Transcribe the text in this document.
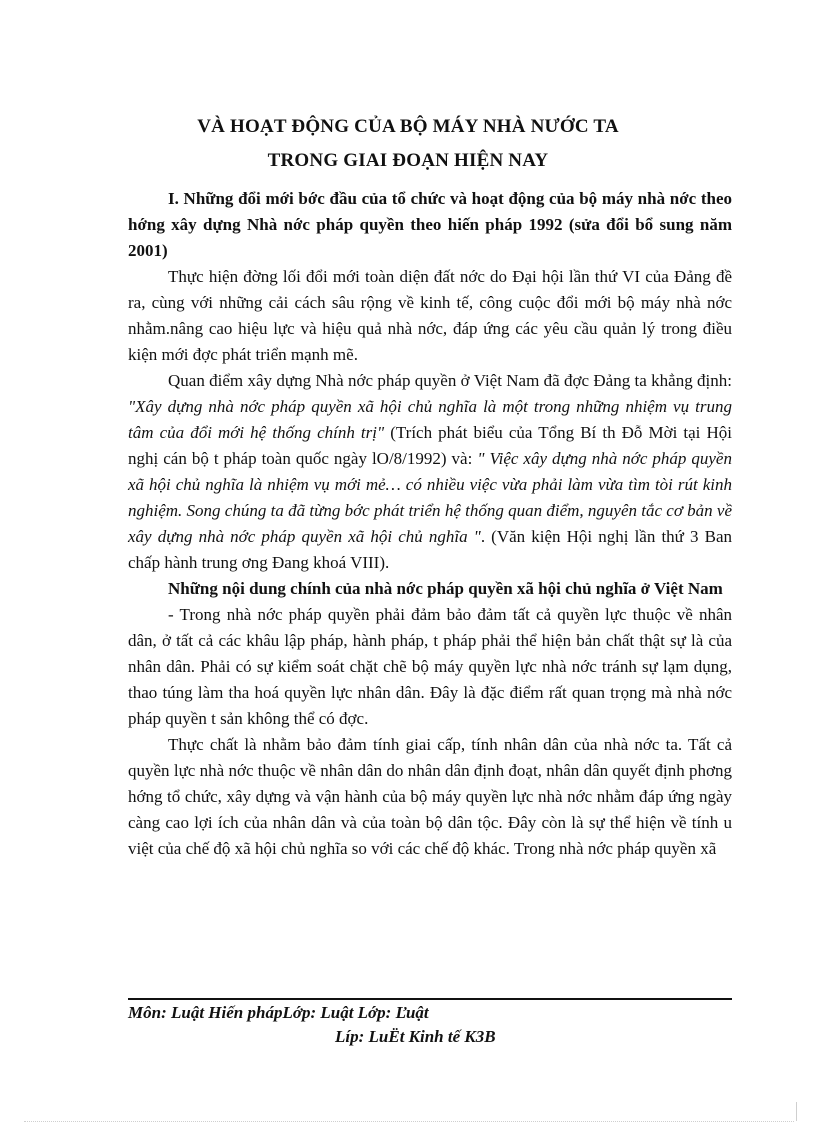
VÀ HOẠT ĐỘNG CỦA BỘ MÁY NHÀ NƯỚC TA
TRONG GIAI ĐOẠN HIỆN NAY

I. Những đổi mới bớc đầu của tổ chức và hoạt động của bộ máy nhà nớc theo hớng xây dựng Nhà nớc pháp quyền theo hiến pháp 1992 (sửa đổi bổ sung năm 2001)

Thực hiện đờng lối đổi mới toàn diện đất nớc do Đại hội lần thứ VI của Đảng đề ra, cùng với những cải cách sâu rộng về kinh tế, công cuộc đổi mới bộ máy nhà nớc nhằm.nâng cao hiệu lực và hiệu quả nhà nớc, đáp ứng các yêu cầu quản lý trong điều kiện mới đợc phát triển mạnh mẽ.

Quan điểm xây dựng Nhà nớc pháp quyền ở Việt Nam đã đợc Đảng ta khẳng định: "Xây dựng nhà nớc pháp quyền xã hội chủ nghĩa là một trong những nhiệm vụ trung tâm của đổi mới hệ thống chính trị" (Trích phát biểu của Tổng Bí th Đỗ Mời tại Hội nghị cán bộ t pháp toàn quốc ngày lO/8/1992) và: " Việc xây dựng nhà nớc pháp quyền xã hội chủ nghĩa là nhiệm vụ mới mẻ… có nhiều việc vừa phải làm vừa tìm tòi rút kinh nghiệm. Song chúng ta đã từng bớc phát triển hệ thống quan điểm, nguyên tắc cơ bản về xây dựng nhà nớc pháp quyền xã hội chủ nghĩa ". (Văn kiện Hội nghị lần thứ 3 Ban chấp hành trung ơng Đang khoá VIII).

Những nội dung chính của nhà nớc pháp quyền xã hội chủ nghĩa ở Việt Nam

- Trong nhà nớc pháp quyền phải đảm bảo đảm tất cả quyền lực thuộc về nhân dân, ở tất cả các khâu lập pháp, hành pháp, t pháp phải thể hiện bản chất thật sự là của nhân dân. Phải có sự kiểm soát chặt chẽ bộ máy quyền lực nhà nớc tránh sự lạm dụng, thao túng làm tha hoá quyền lực nhân dân. Đây là đặc điểm rất quan trọng mà nhà nớc pháp quyền t sản không thể có đợc.

Thực chất là nhằm bảo đảm tính giai cấp, tính nhân dân của nhà nớc ta. Tất cả quyền lực nhà nớc thuộc về nhân dân do nhân dân định đoạt, nhân dân quyết định phơng hớng tổ chức, xây dựng và vận hành của bộ máy quyền lực nhà nớc nhằm đáp ứng ngày càng cao lợi ích của nhân dân và của toàn bộ dân tộc. Đây còn là sự thể hiện về tính u việt của chế độ xã hội chủ nghĩa so với các chế độ khác. Trong nhà nớc pháp quyền xã

Môn: Luật Hiến phápLớp: Luật Lớp: Ľuật
Líp: LuËt Kinh tế K3B
